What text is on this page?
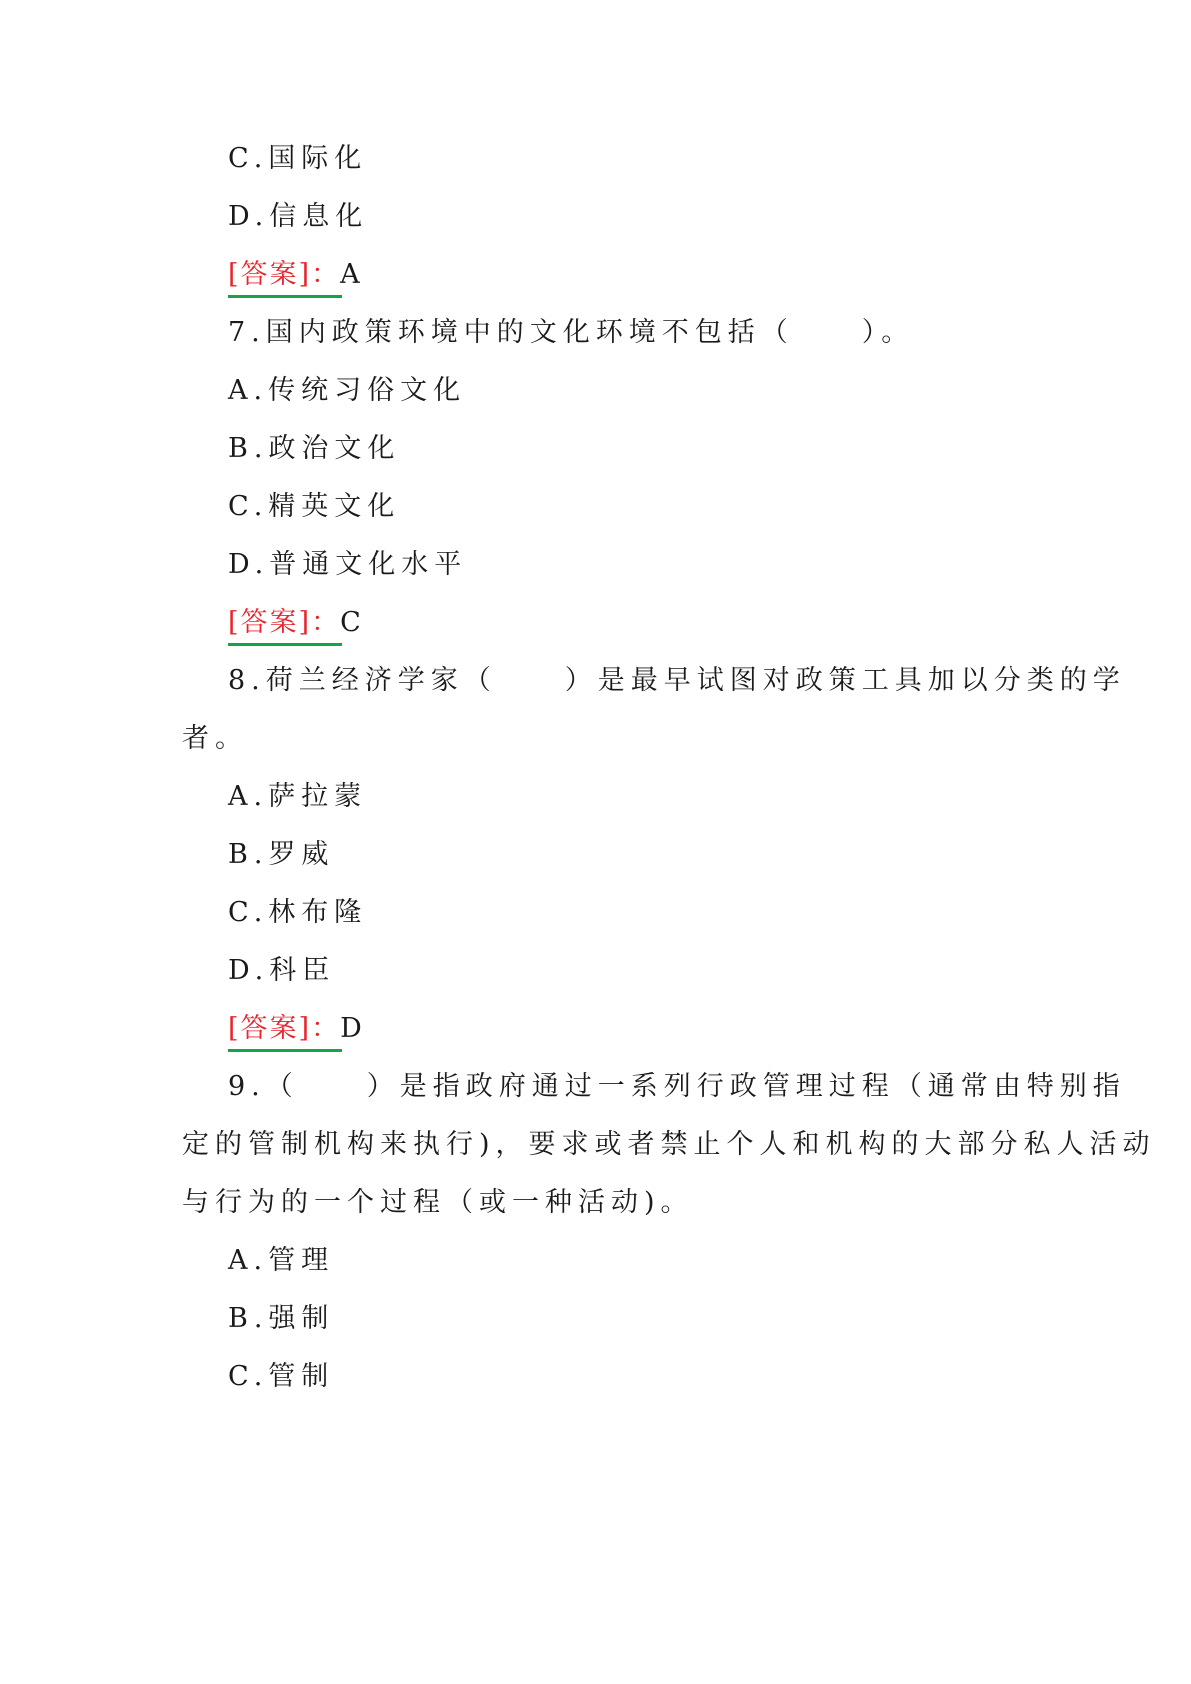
C.国际化
D.信息化
[答案]：A
7.国内政策环境中的文化环境不包括（	）。
A.传统习俗文化
B.政治文化
C.精英文化
D.普通文化水平
[答案]：C
8.荷兰经济学家（	）是最早试图对政策工具加以分类的学
者。
A.萨拉蒙
B.罗威
C.林布隆
D.科臣
[答案]：D
9.（	）是指政府通过一系列行政管理过程（通常由特别指
定的管制机构来执行)，要求或者禁止个人和机构的大部分私人活动
与行为的一个过程（或一种活动)。
A.管理
B.强制
C.管制
